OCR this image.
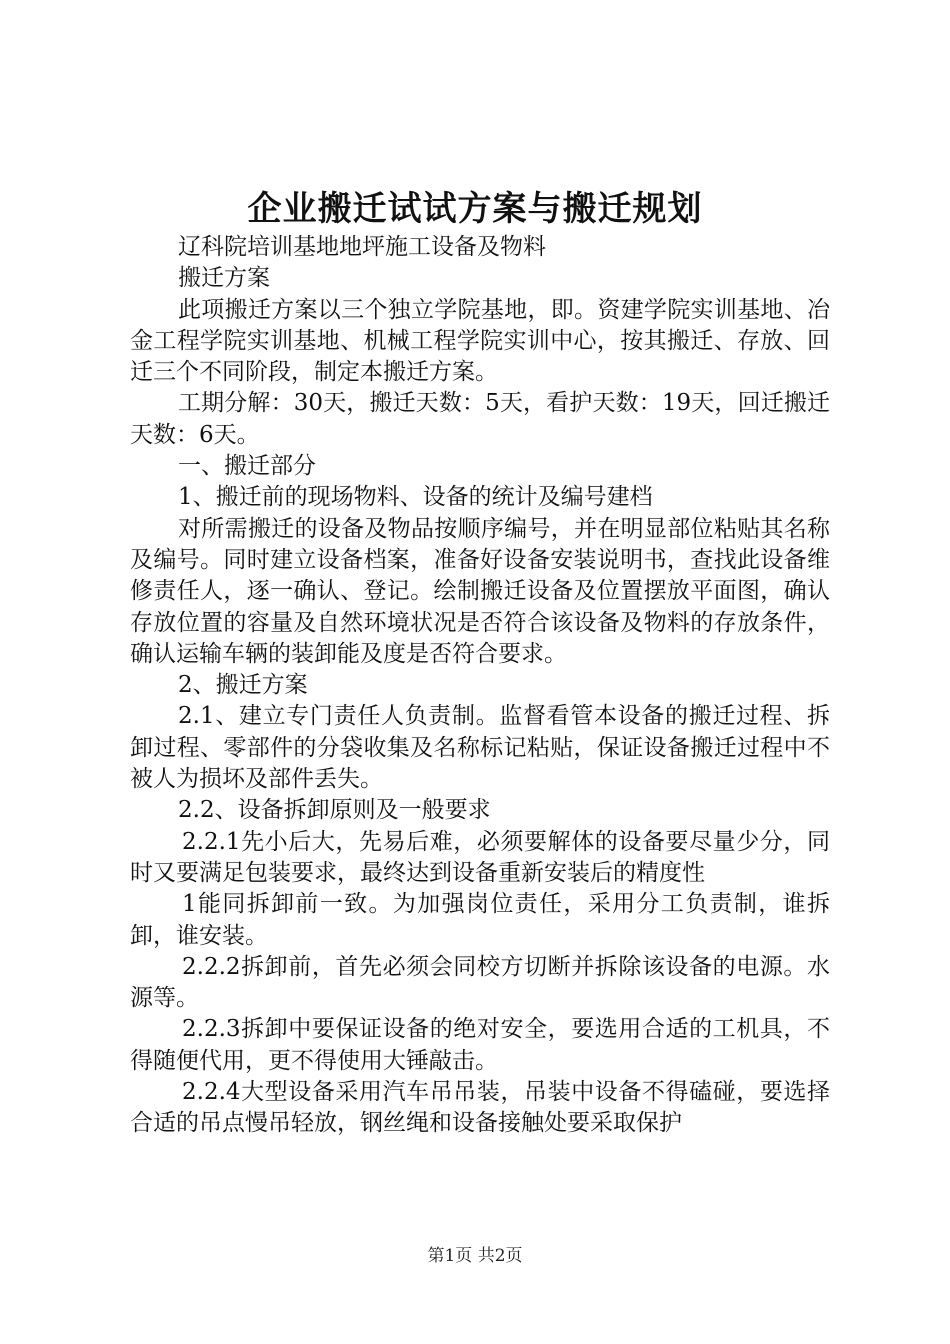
企业搬迁试试方案与搬迁规划

辽科院培训基地地坪施工设备及物料

搬迁方案

此项搬迁方案以三个独立学院基地，即。资建学院实训基地、冶金工程学院实训基地、机械工程学院实训中心，按其搬迁、存放、回迁三个不同阶段，制定本搬迁方案。

工期分解：30天，搬迁天数：5天，看护天数：19天，回迁搬迁天数：6天。

一、搬迁部分

1、搬迁前的现场物料、设备的统计及编号建档

对所需搬迁的设备及物品按顺序编号，并在明显部位粘贴其名称及编号。同时建立设备档案，准备好设备安装说明书，查找此设备维修责任人，逐一确认、登记。绘制搬迁设备及位置摆放平面图，确认存放位置的容量及自然环境状况是否符合该设备及物料的存放条件，确认运输车辆的装卸能及度是否符合要求。

2、搬迁方案

2.1、建立专门责任人负责制。监督看管本设备的搬迁过程、拆卸过程、零部件的分袋收集及名称标记粘贴，保证设备搬迁过程中不被人为损坏及部件丢失。

2.2、设备拆卸原则及一般要求

2.2.1先小后大，先易后难，必须要解体的设备要尽量少分，同时又要满足包装要求，最终达到设备重新安装后的精度性

1能同拆卸前一致。为加强岗位责任，采用分工负责制，谁拆卸，谁安装。

2.2.2拆卸前，首先必须会同校方切断并拆除该设备的电源。水源等。

2.2.3拆卸中要保证设备的绝对安全，要选用合适的工机具，不得随便代用，更不得使用大锤敲击。

2.2.4大型设备采用汽车吊吊装，吊装中设备不得磕碰，要选择合适的吊点慢吊轻放，钢丝绳和设备接触处要采取保护

第1页 共2页
